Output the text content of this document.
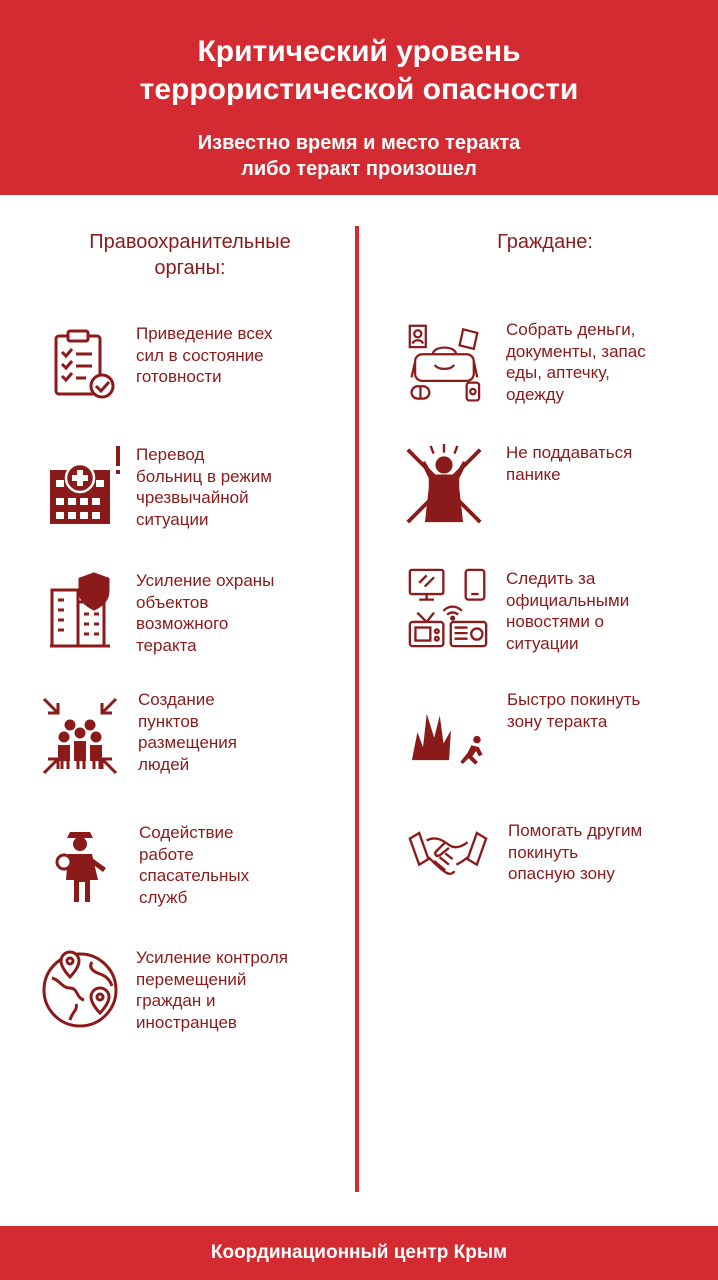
Критический уровень
террористической опасности
Известно время и место теракта
либо теракт произошел
Правоохранительные
органы:
Граждане:
Приведение всех
сил в состояние
готовности
Перевод
больниц в режим
чрезвычайной
ситуации
Усиление охраны
объектов
возможного
теракта
Создание
пунктов
размещения
людей
Содействие
работе
спасательных
служб
Усиление контроля
перемещений
граждан и
иностранцев
Собрать деньги,
документы, запас
еды, аптечку,
одежду
Не поддаваться
панике
Следить за
официальными
новостями о
ситуации
Быстро покинуть
зону теракта
Помогать другим
покинуть
опасную зону
Координационный центр Крым
